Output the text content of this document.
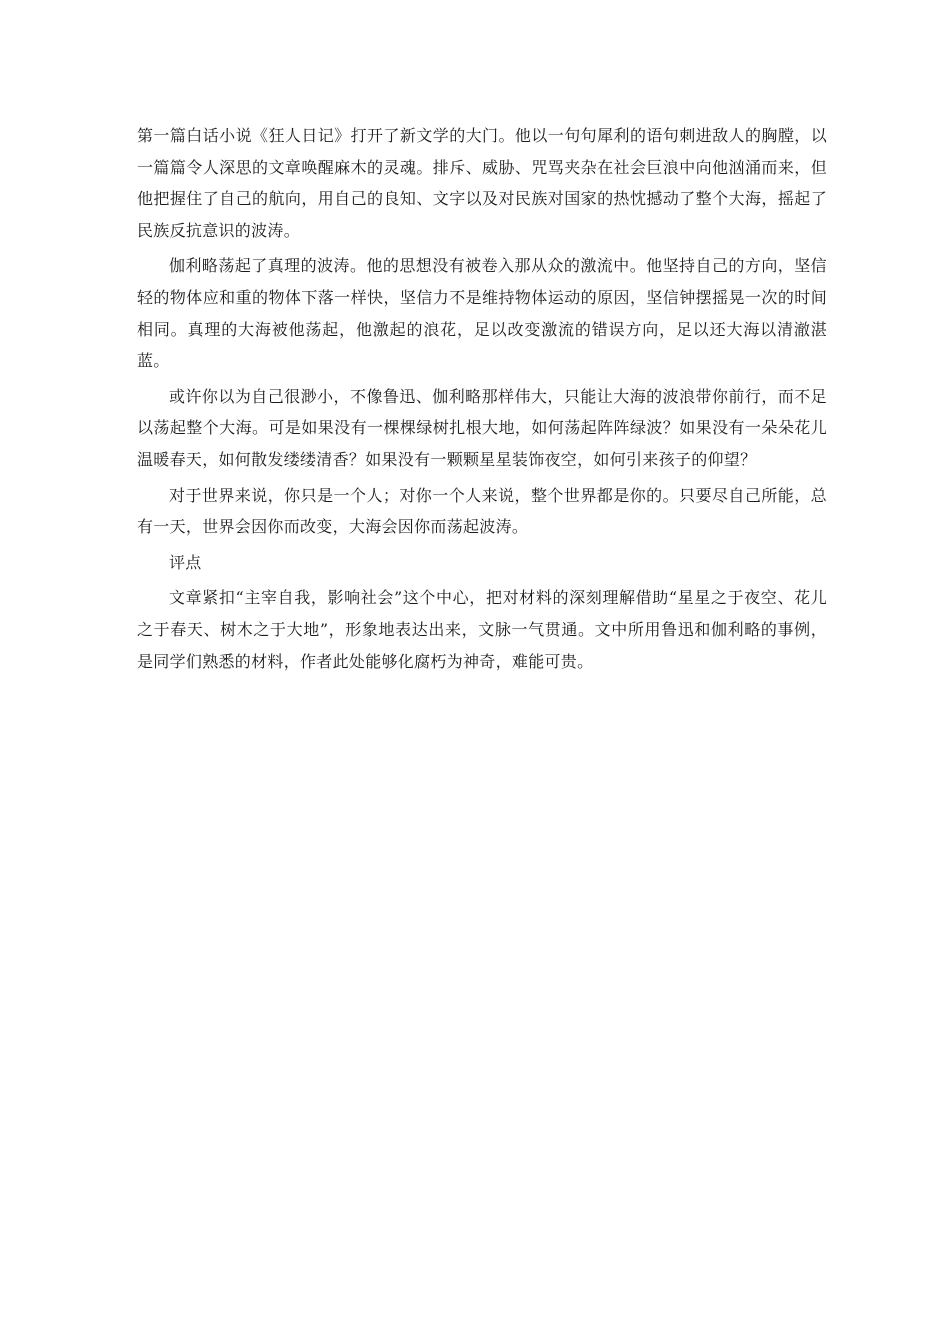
第一篇白话小说《狂人日记》打开了新文学的大门。他以一句句犀利的语句刺进敌人的胸膛，以一篇篇令人深思的文章唤醒麻木的灵魂。排斥、威胁、咒骂夹杂在社会巨浪中向他汹涌而来，但他把握住了自己的航向，用自己的良知、文字以及对民族对国家的热忱撼动了整个大海，摇起了民族反抗意识的波涛。

伽利略荡起了真理的波涛。他的思想没有被卷入那从众的激流中。他坚持自己的方向，坚信轻的物体应和重的物体下落一样快，坚信力不是维持物体运动的原因，坚信钟摆摇晃一次的时间相同。真理的大海被他荡起，他激起的浪花，足以改变激流的错误方向，足以还大海以清澈湛蓝。

或许你以为自己很渺小，不像鲁迅、伽利略那样伟大，只能让大海的波浪带你前行，而不足以荡起整个大海。可是如果没有一棵棵绿树扎根大地，如何荡起阵阵绿波？如果没有一朵朵花儿温暖春天，如何散发缕缕清香？如果没有一颗颗星星装饰夜空，如何引来孩子的仰望？

对于世界来说，你只是一个人；对你一个人来说，整个世界都是你的。只要尽自己所能，总有一天，世界会因你而改变，大海会因你而荡起波涛。

评点

文章紧扣“主宰自我，影响社会”这个中心，把对材料的深刻理解借助“星星之于夜空、花儿之于春天、树木之于大地”，形象地表达出来，文脉一气贯通。文中所用鲁迅和伽利略的事例，是同学们熟悉的材料，作者此处能够化腐朽为神奇，难能可贵。
